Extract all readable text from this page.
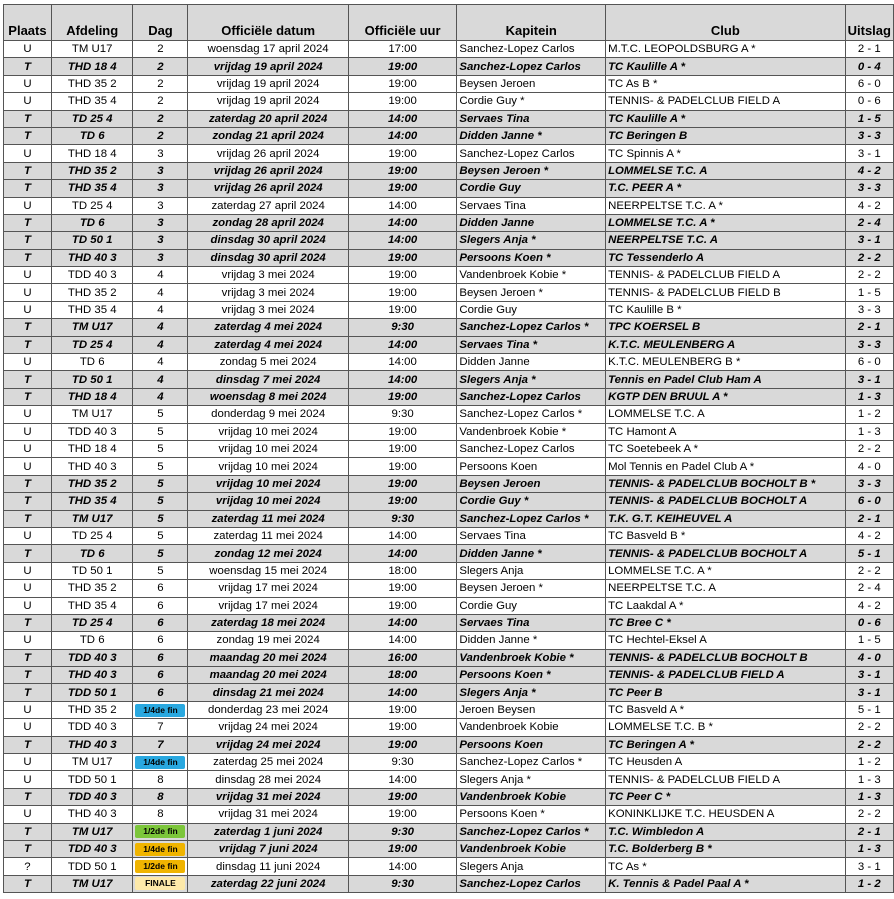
Plaats	Afdeling	Dag	Officiële datum	Officiële uur	Kapitein	Club	Uitslag
U	TM U17	2	woensdag 17 april 2024	17:00	Sanchez-Lopez Carlos	M.T.C. LEOPOLDSBURG A *	2 - 1
T	THD 18 4	2	vrijdag 19 april 2024	19:00	Sanchez-Lopez Carlos	TC Kaulille A *	0 - 4
U	THD 35 2	2	vrijdag 19 april 2024	19:00	Beysen Jeroen	TC As B *	6 - 0
U	THD 35 4	2	vrijdag 19 april 2024	19:00	Cordie Guy *	TENNIS- & PADELCLUB FIELD A	0 - 6
T	TD 25 4	2	zaterdag 20 april 2024	14:00	Servaes Tina	TC Kaulille A *	1 - 5
T	TD 6	2	zondag 21 april 2024	14:00	Didden Janne *	TC Beringen B	3 - 3
U	THD 18 4	3	vrijdag 26 april 2024	19:00	Sanchez-Lopez Carlos	TC Spinnis A *	3 - 1
T	THD 35 2	3	vrijdag 26 april 2024	19:00	Beysen Jeroen *	LOMMELSE T.C. A	4 - 2
T	THD 35 4	3	vrijdag 26 april 2024	19:00	Cordie Guy	T.C. PEER A *	3 - 3
U	TD 25 4	3	zaterdag 27 april 2024	14:00	Servaes Tina	NEERPELTSE T.C. A *	4 - 2
T	TD 6	3	zondag 28 april 2024	14:00	Didden Janne	LOMMELSE T.C. A *	2 - 4
T	TD 50 1	3	dinsdag 30 april 2024	14:00	Slegers Anja *	NEERPELTSE T.C. A	3 - 1
T	THD 40 3	3	dinsdag 30 april 2024	19:00	Persoons Koen *	TC Tessenderlo A	2 - 2
U	TDD 40 3	4	vrijdag 3 mei 2024	19:00	Vandenbroek Kobie *	TENNIS- & PADELCLUB FIELD A	2 - 2
U	THD 35 2	4	vrijdag 3 mei 2024	19:00	Beysen Jeroen *	TENNIS- & PADELCLUB FIELD B	1 - 5
U	THD 35 4	4	vrijdag 3 mei 2024	19:00	Cordie Guy	TC Kaulille B *	3 - 3
T	TM U17	4	zaterdag 4 mei 2024	9:30	Sanchez-Lopez Carlos *	TPC KOERSEL B	2 - 1
T	TD 25 4	4	zaterdag 4 mei 2024	14:00	Servaes Tina *	K.T.C. MEULENBERG A	3 - 3
U	TD 6	4	zondag 5 mei 2024	14:00	Didden Janne	K.T.C. MEULENBERG B *	6 - 0
T	TD 50 1	4	dinsdag 7 mei 2024	14:00	Slegers Anja *	Tennis en Padel Club Ham A	3 - 1
T	THD 18 4	4	woensdag 8 mei 2024	19:00	Sanchez-Lopez Carlos	KGTP DEN BRUUL A *	1 - 3
U	TM U17	5	donderdag 9 mei 2024	9:30	Sanchez-Lopez Carlos *	LOMMELSE T.C. A	1 - 2
U	TDD 40 3	5	vrijdag 10 mei 2024	19:00	Vandenbroek Kobie *	TC Hamont A	1 - 3
U	THD 18 4	5	vrijdag 10 mei 2024	19:00	Sanchez-Lopez Carlos	TC Soetebeek A *	2 - 2
U	THD 40 3	5	vrijdag 10 mei 2024	19:00	Persoons Koen	Mol Tennis en Padel Club A *	4 - 0
T	THD 35 2	5	vrijdag 10 mei 2024	19:00	Beysen Jeroen	TENNIS- & PADELCLUB BOCHOLT B *	3 - 3
T	THD 35 4	5	vrijdag 10 mei 2024	19:00	Cordie Guy *	TENNIS- & PADELCLUB BOCHOLT A	6 - 0
T	TM U17	5	zaterdag 11 mei 2024	9:30	Sanchez-Lopez Carlos *	T.K. G.T. KEIHEUVEL A	2 - 1
U	TD 25 4	5	zaterdag 11 mei 2024	14:00	Servaes Tina	TC Basveld B *	4 - 2
T	TD 6	5	zondag 12 mei 2024	14:00	Didden Janne *	TENNIS- & PADELCLUB BOCHOLT A	5 - 1
U	TD 50 1	5	woensdag 15 mei 2024	18:00	Slegers Anja	LOMMELSE T.C. A *	2 - 2
U	THD 35 2	6	vrijdag 17 mei 2024	19:00	Beysen Jeroen *	NEERPELTSE T.C. A	2 - 4
U	THD 35 4	6	vrijdag 17 mei 2024	19:00	Cordie Guy	TC Laakdal A *	4 - 2
T	TD 25 4	6	zaterdag 18 mei 2024	14:00	Servaes Tina	TC Bree C *	0 - 6
U	TD 6	6	zondag 19 mei 2024	14:00	Didden Janne *	TC Hechtel-Eksel A	1 - 5
T	TDD 40 3	6	maandag 20 mei 2024	16:00	Vandenbroek Kobie *	TENNIS- & PADELCLUB BOCHOLT B	4 - 0
T	THD 40 3	6	maandag 20 mei 2024	18:00	Persoons Koen *	TENNIS- & PADELCLUB FIELD A	3 - 1
T	TDD 50 1	6	dinsdag 21 mei 2024	14:00	Slegers Anja *	TC Peer B	3 - 1
U	THD 35 2	1/4de fin	donderdag 23 mei 2024	19:00	Jeroen Beysen	TC Basveld A *	5 - 1
U	TDD 40 3	7	vrijdag 24 mei 2024	19:00	Vandenbroek Kobie	LOMMELSE T.C. B *	2 - 2
T	THD 40 3	7	vrijdag 24 mei 2024	19:00	Persoons Koen	TC Beringen A *	2 - 2
U	TM U17	1/4de fin	zaterdag 25 mei 2024	9:30	Sanchez-Lopez Carlos *	TC Heusden A	1 - 2
U	TDD 50 1	8	dinsdag 28 mei 2024	14:00	Slegers Anja *	TENNIS- & PADELCLUB FIELD A	1 - 3
T	TDD 40 3	8	vrijdag 31 mei 2024	19:00	Vandenbroek Kobie	TC Peer C *	1 - 3
U	THD 40 3	8	vrijdag 31 mei 2024	19:00	Persoons Koen *	KONINKLIJKE T.C. HEUSDEN A	2 - 2
T	TM U17	1/2de fin	zaterdag 1 juni 2024	9:30	Sanchez-Lopez Carlos *	T.C. Wimbledon A	2 - 1
T	TDD 40 3	1/4de fin	vrijdag 7 juni 2024	19:00	Vandenbroek Kobie	T.C. Bolderberg B *	1 - 3
?	TDD 50 1	1/2de fin	dinsdag 11 juni 2024	14:00	Slegers Anja	TC As *	3 - 1
T	TM U17	FINALE	zaterdag 22 juni 2024	9:30	Sanchez-Lopez Carlos	K. Tennis & Padel Paal A *	1 - 2
